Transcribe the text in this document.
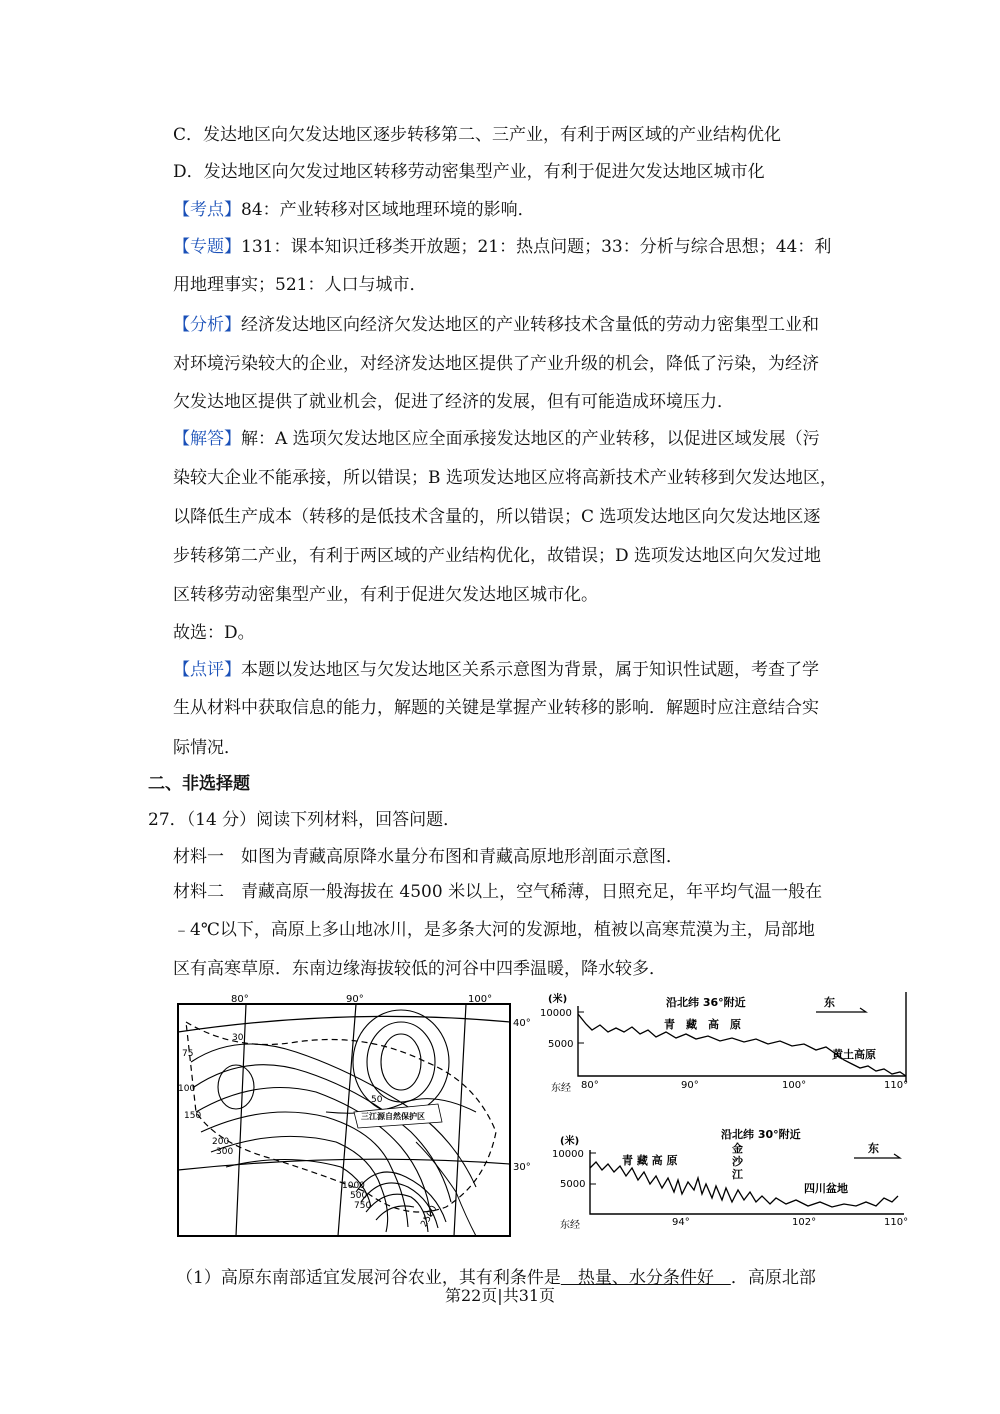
C．发达地区向欠发达地区逐步转移第二、三产业，有利于两区域的产业结构优化
D．发达地区向欠发过地区转移劳动密集型产业，有利于促进欠发达地区城市化
【考点】84：产业转移对区域地理环境的影响．
【专题】131：课本知识迁移类开放题；21：热点问题；33：分析与综合思想；44：利
用地理事实；521：人口与城市．
【分析】经济发达地区向经济欠发达地区的产业转移技术含量低的劳动力密集型工业和
对环境污染较大的企业，对经济发达地区提供了产业升级的机会，降低了污染，为经济
欠发达地区提供了就业机会，促进了经济的发展，但有可能造成环境压力．
【解答】解：A 选项欠发达地区应全面承接发达地区的产业转移，以促进区域发展（污
染较大企业不能承接，所以错误；B 选项发达地区应将高新技术产业转移到欠发达地区，
以降低生产成本（转移的是低技术含量的，所以错误；C 选项发达地区向欠发达地区逐
步转移第二产业，有利于两区域的产业结构优化，故错误；D 选项发达地区向欠发过地
区转移劳动密集型产业，有利于促进欠发达地区城市化。
故选：D。
【点评】本题以发达地区与欠发达地区关系示意图为背景，属于知识性试题，考查了学
生从材料中获取信息的能力，解题的关键是掌握产业转移的影响．解题时应注意结合实
际情况．
二、非选择题
27．（14 分）阅读下列材料，回答问题．
材料一　如图为青藏高原降水量分布图和青藏高原地形剖面示意图．
材料二　青藏高原一般海拔在 4500 米以上，空气稀薄，日照充足，年平均气温一般在
﹣4℃以下，高原上多山地冰川，是多条大河的发源地，植被以高寒荒漠为主，局部地
区有高寒草原．东南边缘海拔较低的河谷中四季温暖，降水较多．
三江源自然保护区
80°	90°	100°
40°
30°
75
100
150
200
300
30
50
500
750
1000
2500
(米)	沿北纬 36°附近	东
10000
5000
青　藏　高　原
黄土高原
东经 80°	90°	100°	110°
(米)
沿北纬 30°附近
东
10000
5000
青 藏 高 原
金
沙
江
四川盆地
东经	94°	102°	110°
（1）高原东南部适宜发展河谷农业，其有利条件是　热量、水分条件好　．高原北部
第22页|共31页
